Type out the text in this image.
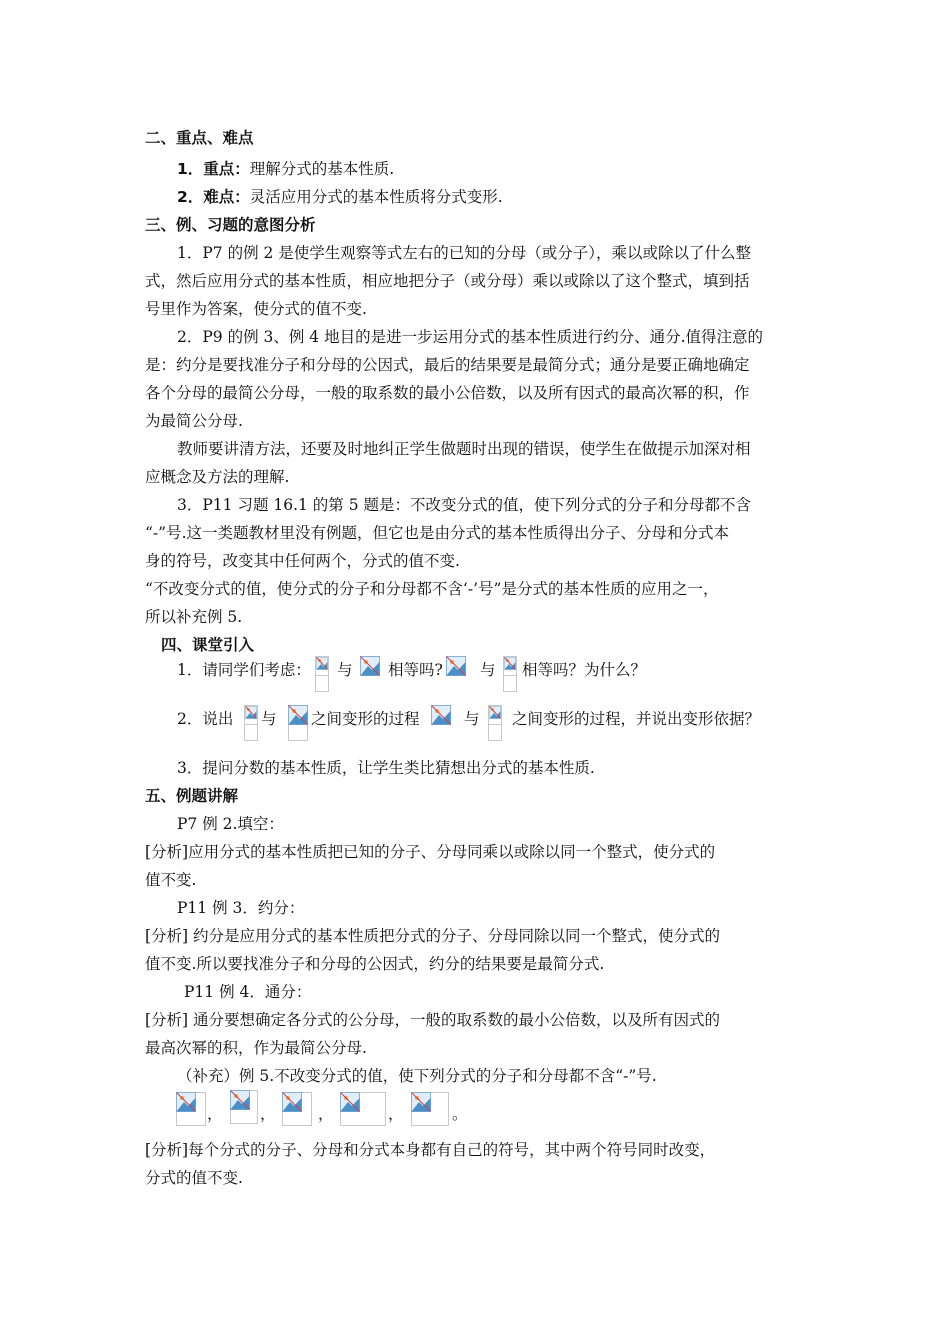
二、重点、难点
1．重点：理解分式的基本性质.
2．难点：灵活应用分式的基本性质将分式变形.
三、例、习题的意图分析
1．P7 的例 2 是使学生观察等式左右的已知的分母（或分子），乘以或除以了什么整
式，然后应用分式的基本性质，相应地把分子（或分母）乘以或除以了这个整式，填到括
号里作为答案，使分式的值不变.
2．P9 的例 3、例 4 地目的是进一步运用分式的基本性质进行约分、通分.值得注意的
是：约分是要找准分子和分母的公因式，最后的结果要是最简分式；通分是要正确地确定
各个分母的最简公分母，一般的取系数的最小公倍数，以及所有因式的最高次幂的积，作
为最简公分母.
教师要讲清方法，还要及时地纠正学生做题时出现的错误，使学生在做提示加深对相
应概念及方法的理解.
3．P11 习题 16.1 的第 5 题是：不改变分式的值，使下列分式的分子和分母都不含
“-”号.这一类题教材里没有例题，但它也是由分式的基本性质得出分子、分母和分式本
身的符号，改变其中任何两个，分式的值不变.
“不改变分式的值，使分式的分子和分母都不含‘-’号”是分式的基本性质的应用之一，
所以补充例 5.
四、课堂引入
1．请同学们考虑： 与 相等吗? 与 相等吗？为什么？
2．说出 与 之间变形的过程	与 之间变形的过程，并说出变形依据？
3．提问分数的基本性质，让学生类比猜想出分式的基本性质.
五、例题讲解
P7 例 2.填空：
[分析]应用分式的基本性质把已知的分子、分母同乘以或除以同一个整式，使分式的
值不变.
P11 例 3．约分：
[分析] 约分是应用分式的基本性质把分式的分子、分母同除以同一个整式，使分式的
值不变.所以要找准分子和分母的公因式，约分的结果要是最简分式.
P11 例 4．通分：
[分析] 通分要想确定各分式的公分母，一般的取系数的最小公倍数，以及所有因式的
最高次幂的积，作为最简公分母.
（补充）例 5.不改变分式的值，使下列分式的分子和分母都不含“-”号.
， ，	，	，	。
[分析]每个分式的分子、分母和分式本身都有自己的符号，其中两个符号同时改变，
分式的值不变.
